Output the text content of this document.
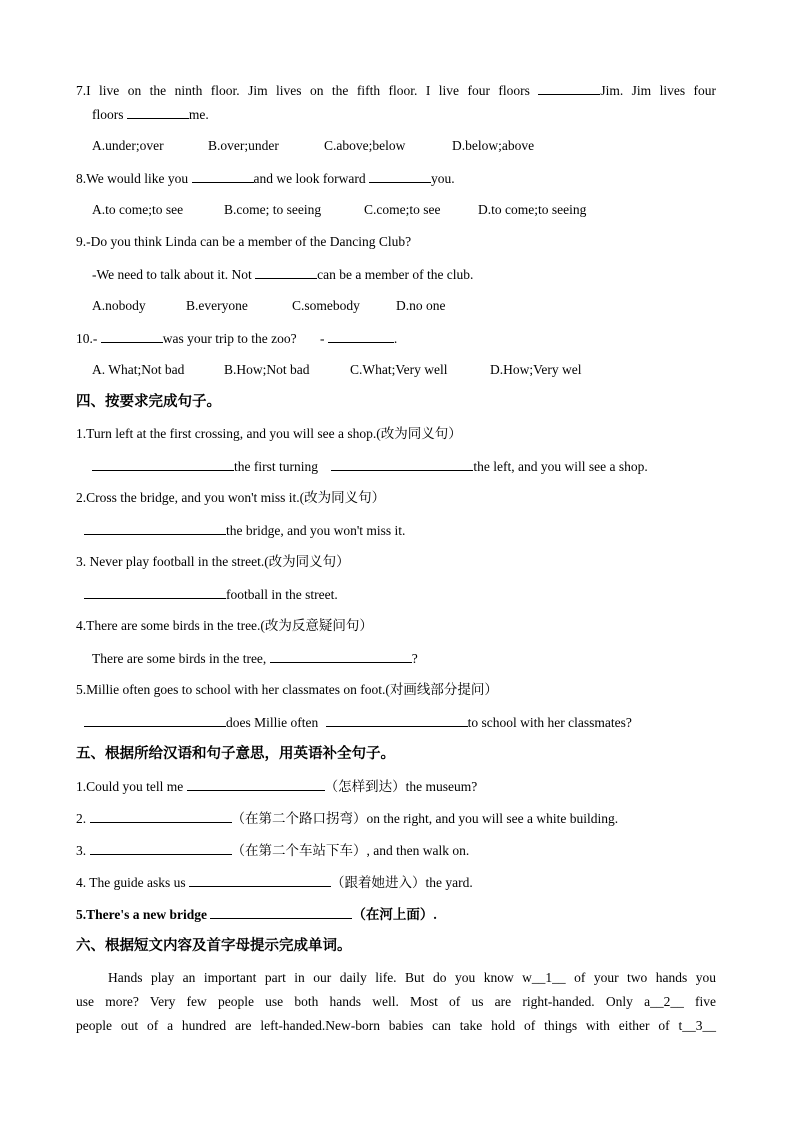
7.I live on the ninth floor. Jim lives on the fifth floor. I live four floors	Jim. Jim lives four
floors	me.
A.under;over	B.over;under	C.above;below	D.below;above
8.We would like you	and we look forward	you.
A.to come;to see	B.come; to seeing	C.come;to see	D.to come;to seeing
9.-Do you think Linda can be a member of the Dancing Club?
-We need to talk about it. Not	can be a member of the club.
A.nobody	B.everyone	C.somebody	D.no one
10.-	was your trip to the zoo? -	.
A. What;Not bad	B.How;Not bad	C.What;Very well	D.How;Very wel
四、按要求完成句子。
1.Turn left at the first crossing, and you will see a shop.(改为同义句）
the first turning	the left, and you will see a shop.
2.Cross the bridge, and you won't miss it.(改为同义句）
the bridge, and you won't miss it.
3. Never play football in the street.(改为同义句）
football in the street.
4.There are some birds in the tree.(改为反意疑问句）
There are some birds in the tree,	?
5.Millie often goes to school with her classmates on foot.(对画线部分提问）
does Millie often	to school with her classmates?
五、根据所给汉语和句子意思，用英语补全句子。
1.Could you tell me	（怎样到达）the museum?
2.	（在第二个路口拐弯）on the right, and you will see a white building.
3.	（在第二个车站下车）, and then walk on.
4. The guide asks us	（跟着她进入）the yard.
5.There's a new bridge	（在河上面）.
六、根据短文内容及首字母提示完成单词。
Hands play an important part in our daily life. But do you know w__1__ of your two hands you
use more? Very few people use both hands well. Most of us are right-handed. Only a__2__ five
people out of a hundred are left-handed.New-born babies can take hold of things with either of t__3__
